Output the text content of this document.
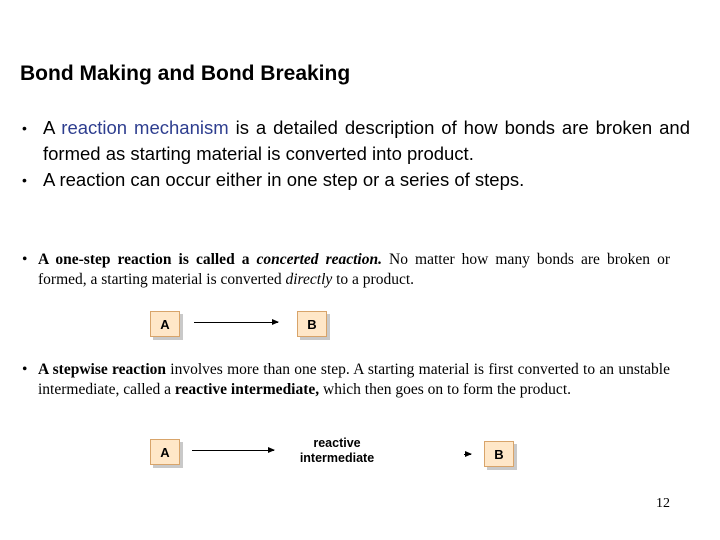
Bond Making and Bond Breaking
• A reaction mechanism is a detailed description of how bonds are broken and formed as starting material is converted into product.
• A reaction can occur either in one step or a series of steps.
• A one-step reaction is called a concerted reaction. No matter how many bonds are broken or formed, a starting material is converted directly to a product.
A	B
• A stepwise reaction involves more than one step. A starting material is first converted to an unstable intermediate, called a reactive intermediate, which then goes on to form the product.
A
reactive
intermediate	B
12
